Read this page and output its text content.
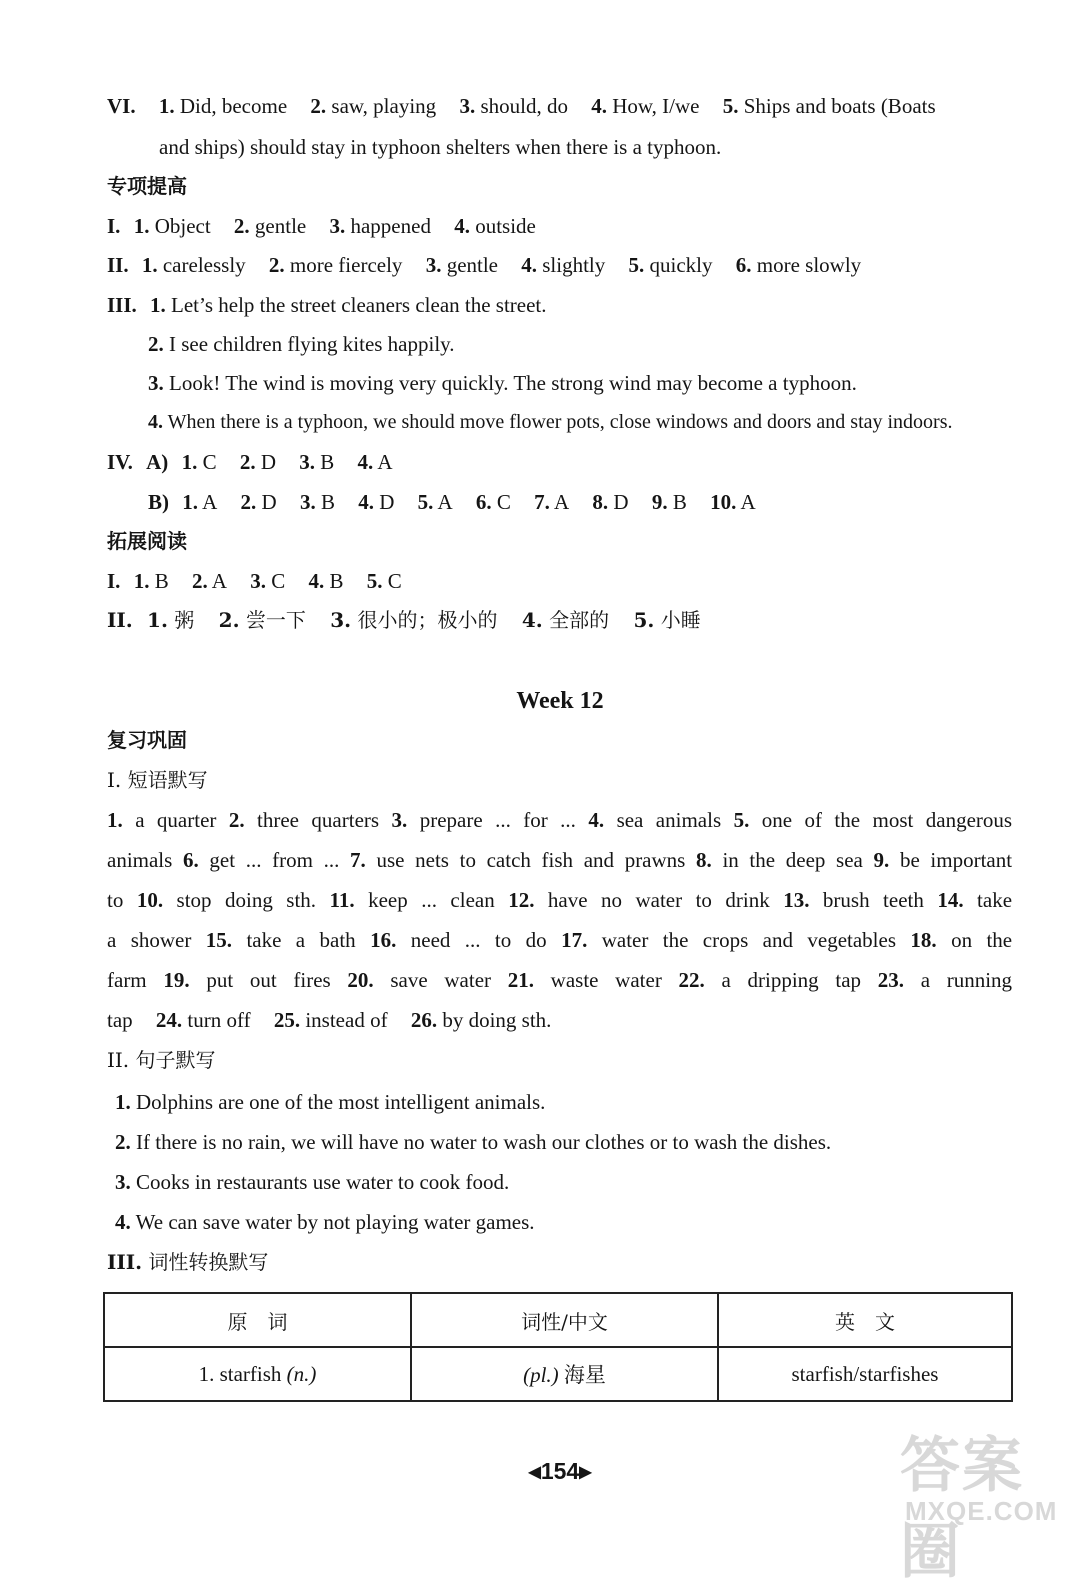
VI. 1. Did, become 2. saw, playing 3. should, do 4. How, I/we 5. Ships and boats (Boats
and ships) should stay in typhoon shelters when there is a typhoon.
专项提高
I. 1. Object 2. gentle 3. happened 4. outside
II. 1. carelessly 2. more fiercely 3. gentle 4. slightly 5. quickly 6. more slowly
III. 1. Let’s help the street cleaners clean the street.
2. I see children flying kites happily.
3. Look! The wind is moving very quickly. The strong wind may become a typhoon.
4. When there is a typhoon, we should move flower pots, close windows and doors and stay indoors.
IV. A) 1. C 2. D 3. B 4. A
B) 1. A 2. D 3. B 4. D 5. A 6. C 7. A 8. D 9. B 10. A
拓展阅读
I. 1. B 2. A 3. C 4. B 5. C
II. 1. 粥 2. 尝一下 3. 很小的；极小的 4. 全部的 5. 小睡
Week 12
复习巩固
I. 短语默写
1. a quarter 2. three quarters 3. prepare ... for ... 4. sea animals 5. one of the most dangerous
animals 6. get ... from ... 7. use nets to catch fish and prawns 8. in the deep sea 9. be important
to 10. stop doing sth. 11. keep ... clean 12. have no water to drink 13. brush teeth 14. take
a shower 15. take a bath 16. need ... to do 17. water the crops and vegetables 18. on the
farm 19. put out fires 20. save water 21. waste water 22. a dripping tap 23. a running
tap 24. turn off 25. instead of 26. by doing sth.
II. 句子默写
1. Dolphins are one of the most intelligent animals.
2. If there is no rain, we will have no water to wash our clothes or to wash the dishes.
3. Cooks in restaurants use water to cook food.
4. We can save water by not playing water games.
III. 词性转换默写
原　词	词性/中文	英　文
1. starfish (n.)	(pl.) 海星	starfish/starfishes
◀154▶	答案圈
MXQE.COM
